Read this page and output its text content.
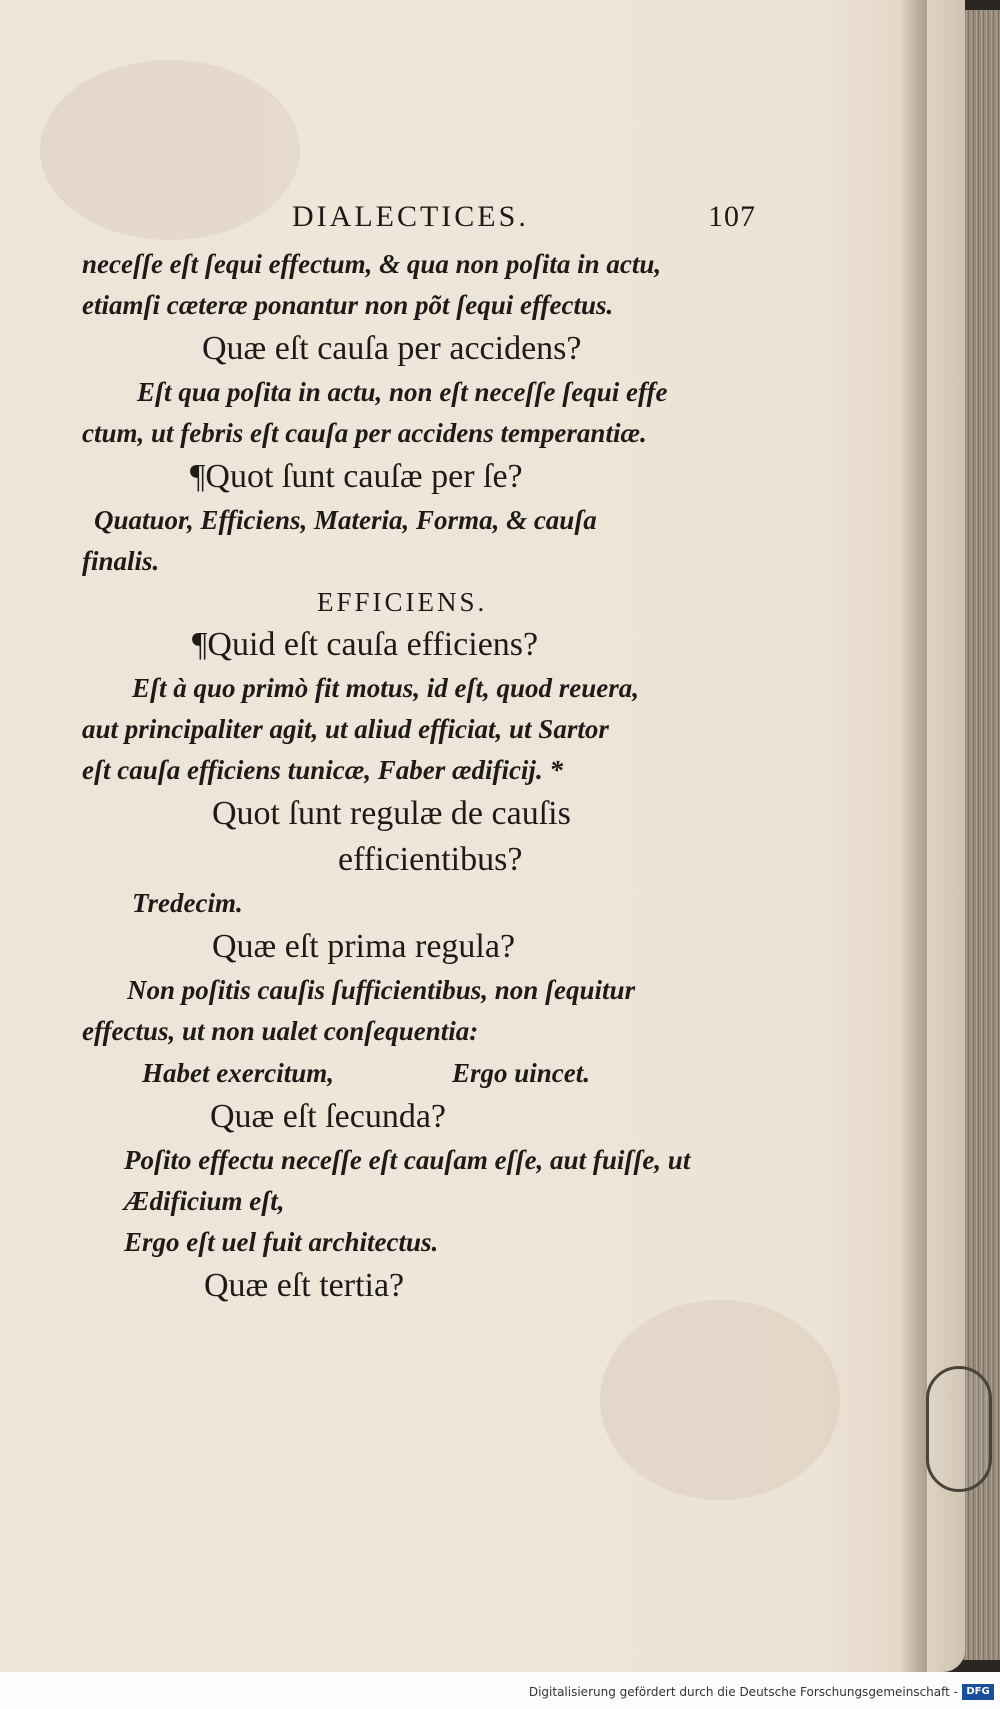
DIALECTICES.	107
neceſſe eſt ſequi effectum, & qua non poſita in actu,
etiamſi cæteræ ponantur non põt ſequi effectus.
Quæ eſt cauſa per accidens?
Eſt qua poſita in actu, non eſt neceſſe ſequi effe
ctum, ut febris eſt cauſa per accidens temperantiæ.
¶Quot ſunt cauſæ per ſe?
Quatuor, Efficiens, Materia, Forma, & cauſa
finalis.
EFFICIENS.
¶Quid eſt cauſa efficiens?
Eſt à quo primò fit motus, id eſt, quod reuera,
aut principaliter agit, ut aliud efficiat, ut Sartor
eſt cauſa efficiens tunicæ, Faber ædificij. *
Quot ſunt regulæ de cauſis
efficientibus?
Tredecim.
Quæ eſt prima regula?
Non poſitis cauſis ſufficientibus, non ſequitur
effectus, ut non ualet conſequentia:
Habet exercitum,	Ergo uincet.
Quæ eſt ſecunda?
Poſito effectu neceſſe eſt cauſam eſſe, aut fuiſſe, ut
Ædificium eſt,
Ergo eſt uel fuit architectus.
Quæ eſt tertia?
Digitalisierung gefördert durch die Deutsche Forschungsgemeinschaft - DFG
